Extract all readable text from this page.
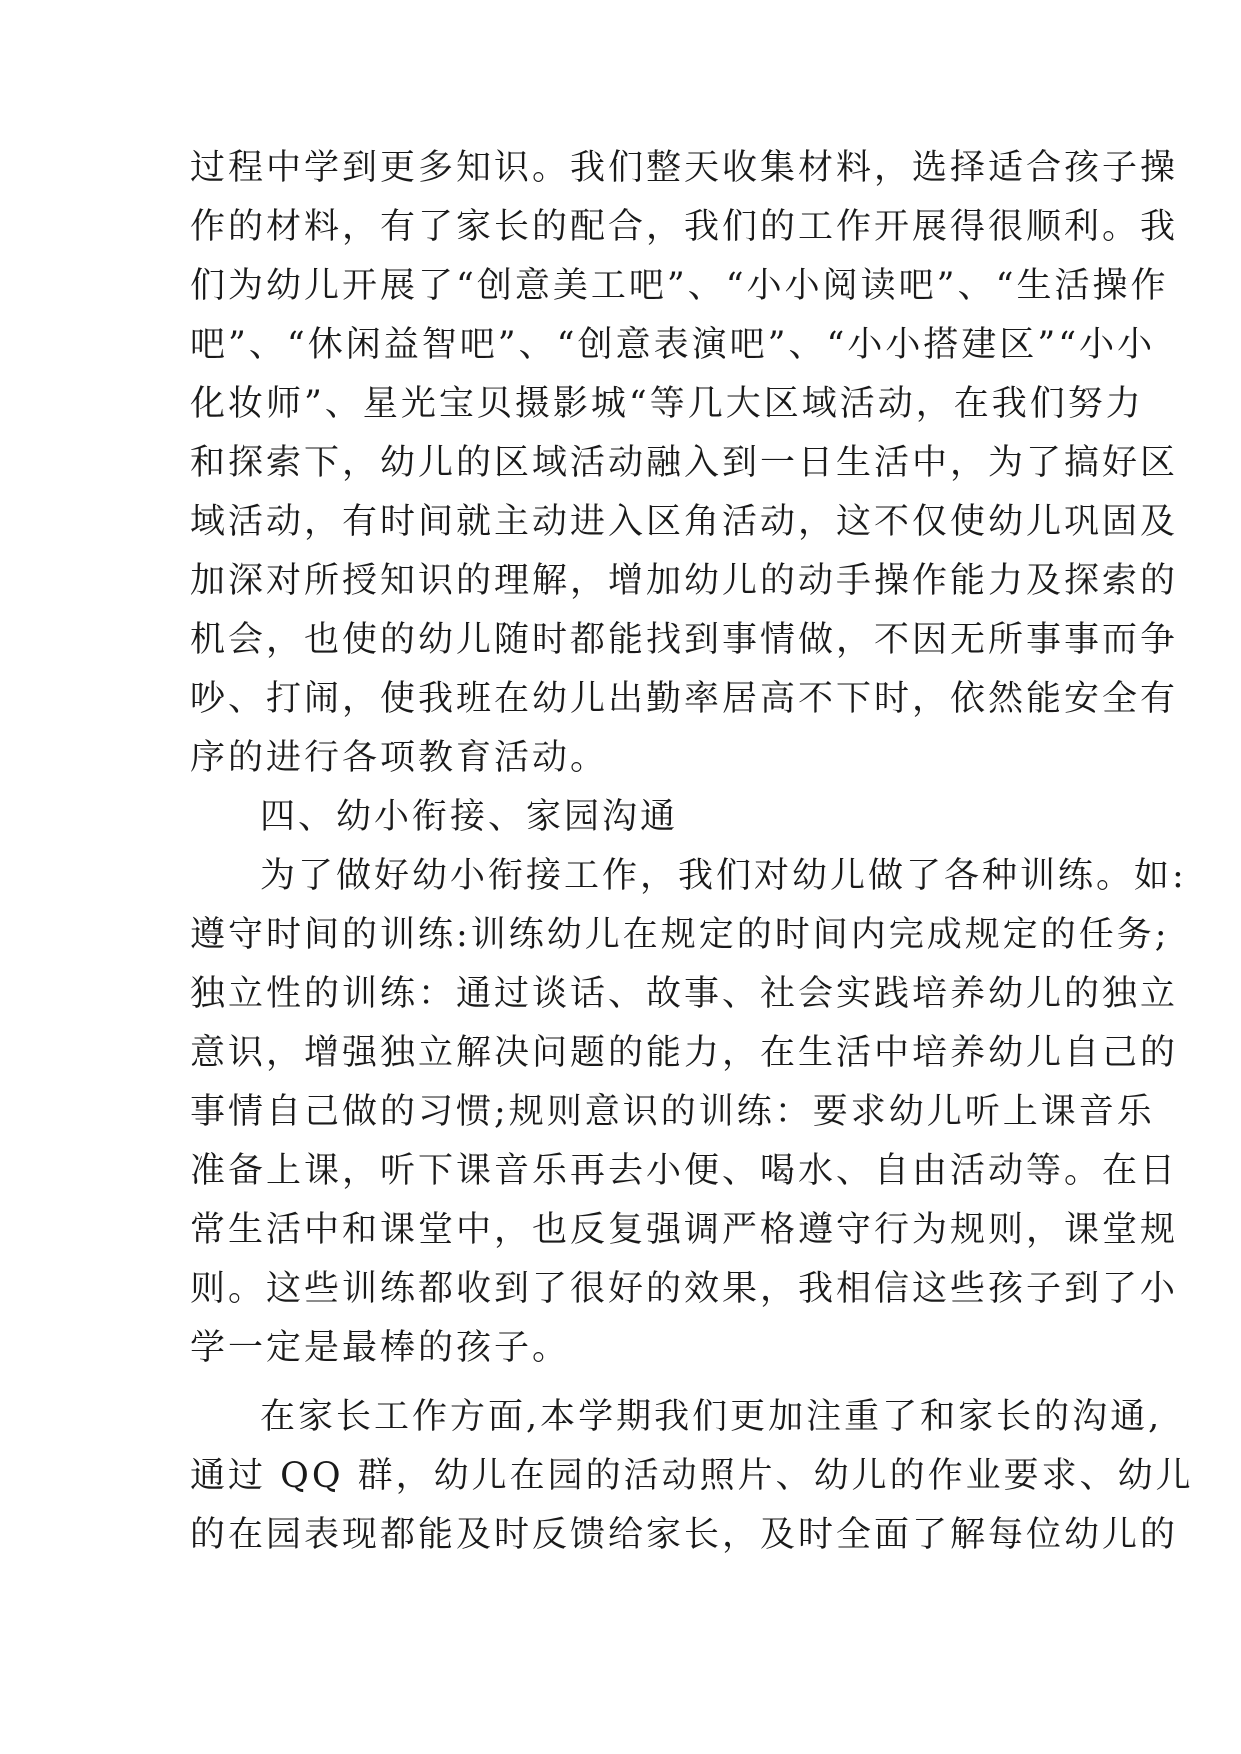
过程中学到更多知识。我们整天收集材料，选择适合孩子操
作的材料，有了家长的配合，我们的工作开展得很顺利。我
们为幼儿开展了“创意美工吧”、“小小阅读吧”、“生活操作
吧”、“休闲益智吧”、“创意表演吧”、“小小搭建区”“小小
化妆师”、星光宝贝摄影城“等几大区域活动，在我们努力
和探索下，幼儿的区域活动融入到一日生活中，为了搞好区
域活动，有时间就主动进入区角活动，这不仅使幼儿巩固及
加深对所授知识的理解，增加幼儿的动手操作能力及探索的
机会，也使的幼儿随时都能找到事情做，不因无所事事而争
吵、打闹，使我班在幼儿出勤率居高不下时，依然能安全有
序的进行各项教育活动。
四、幼小衔接、家园沟通
为了做好幼小衔接工作，我们对幼儿做了各种训练。如:
遵守时间的训练:训练幼儿在规定的时间内完成规定的任务;
独立性的训练：通过谈话、故事、社会实践培养幼儿的独立
意识，增强独立解决问题的能力，在生活中培养幼儿自己的
事情自己做的习惯;规则意识的训练：要求幼儿听上课音乐
准备上课，听下课音乐再去小便、喝水、自由活动等。在日
常生活中和课堂中，也反复强调严格遵守行为规则，课堂规
则。这些训练都收到了很好的效果，我相信这些孩子到了小
学一定是最棒的孩子。
在家长工作方面,本学期我们更加注重了和家长的沟通,
通过 QQ 群，幼儿在园的活动照片、幼儿的作业要求、幼儿
的在园表现都能及时反馈给家长，及时全面了解每位幼儿的
